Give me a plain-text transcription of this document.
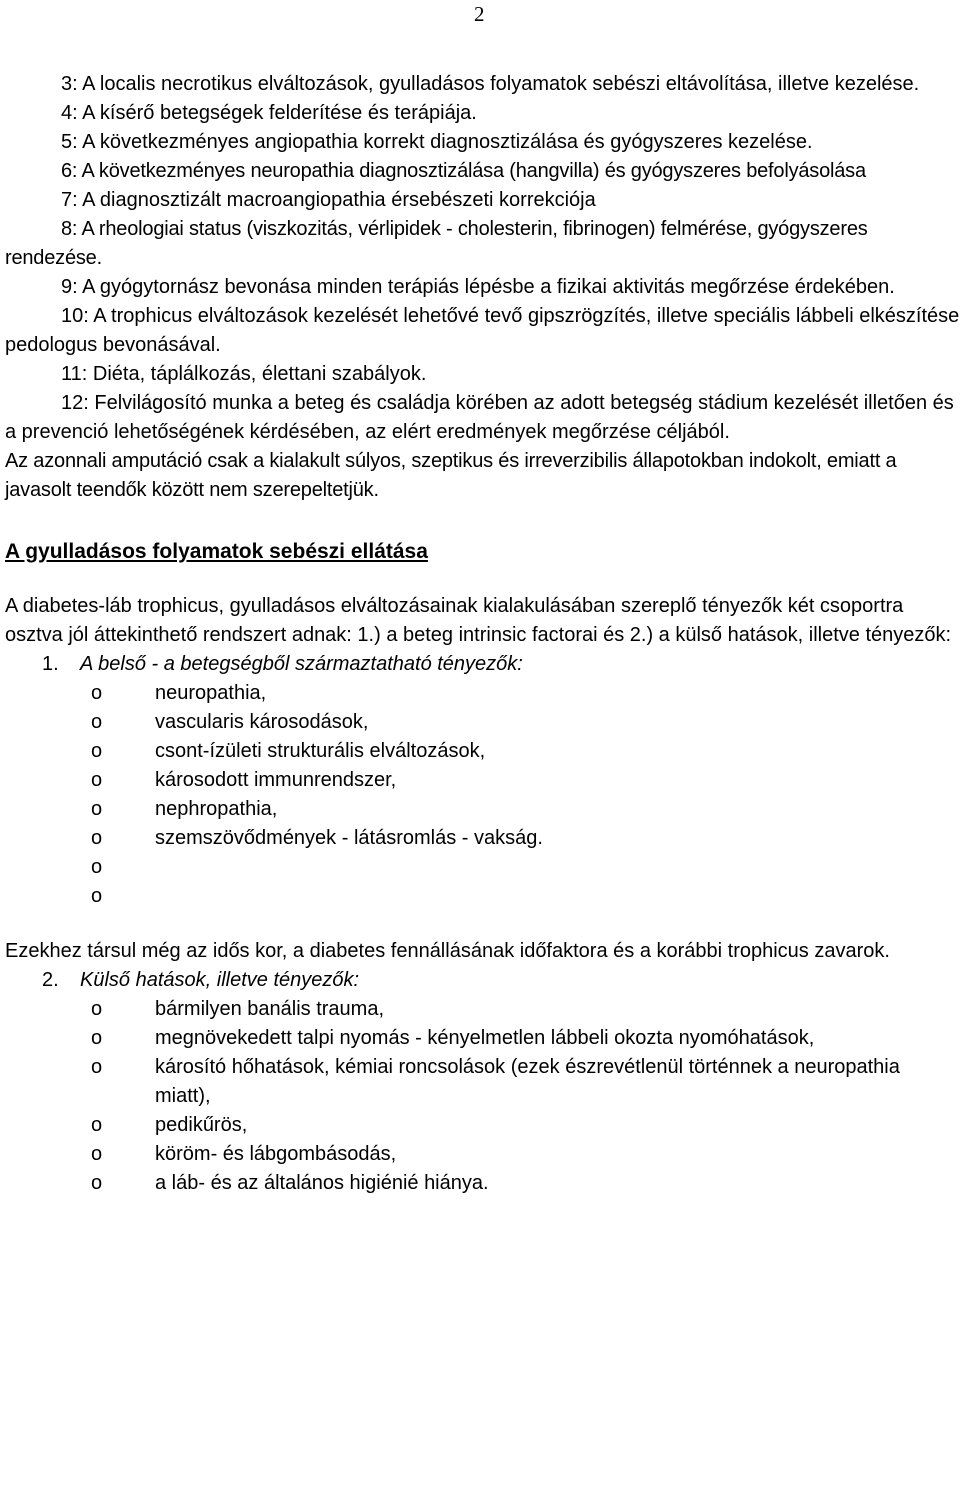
2

3: A localis necrotikus elváltozások, gyulladásos folyamatok sebészi eltávolítása, illetve kezelése.

4: A kísérő betegségek felderítése és terápiája.

5: A következményes angiopathia korrekt diagnosztizálása és gyógyszeres kezelése.

6: A következményes neuropathia diagnosztizálása (hangvilla) és gyógyszeres befolyásolása

7: A diagnosztizált macroangiopathia érsebészeti korrekciója

8: A rheologiai status (viszkozitás, vérlipidek - cholesterin, fibrinogen) felmérése, gyógyszeres rendezése.

9: A gyógytornász bevonása minden terápiás lépésbe a fizikai aktivitás megőrzése érdekében.

10: A trophicus elváltozások kezelését lehetővé tevő gipszrögzítés, illetve speciális lábbeli elkészítése pedologus bevonásával.

11: Diéta, táplálkozás, élettani szabályok.

12: Felvilágosító munka a beteg és családja körében az adott betegség stádium kezelését illetően és a prevenció lehetőségének kérdésében, az elért eredmények megőrzése céljából.

Az azonnali amputáció csak a kialakult súlyos, szeptikus és irreverzibilis állapotokban indokolt, emiatt a javasolt teendők között nem szerepeltetjük.

A gyulladásos folyamatok sebészi ellátása

A diabetes-láb trophicus, gyulladásos elváltozásainak kialakulásában szereplő tényezők két csoportra osztva jól áttekinthető rendszert adnak: 1.) a beteg intrinsic factorai és 2.) a külső hatások, illetve tényezők:

1. A belső - a betegségből származtatható tényezők:
o	neuropathia,
o	vascularis károsodások,
o	csont-ízületi strukturális elváltozások,
o	károsodott immunrendszer,
o	nephropathia,
o	szemszövődmények - látásromlás - vakság.
o
o

Ezekhez társul még az idős kor, a diabetes fennállásának időfaktora és a korábbi trophicus zavarok.

2. Külső hatások, illetve tényezők:
o	bármilyen banális trauma,
o	megnövekedett talpi nyomás - kényelmetlen lábbeli okozta nyomóhatások,
o	károsító hőhatások, kémiai roncsolások (ezek észrevétlenül történnek a neuropathia miatt),
o	pedikűrös,
o	köröm- és lábgombásodás,
o	a láb- és az általános higiénié hiánya.
